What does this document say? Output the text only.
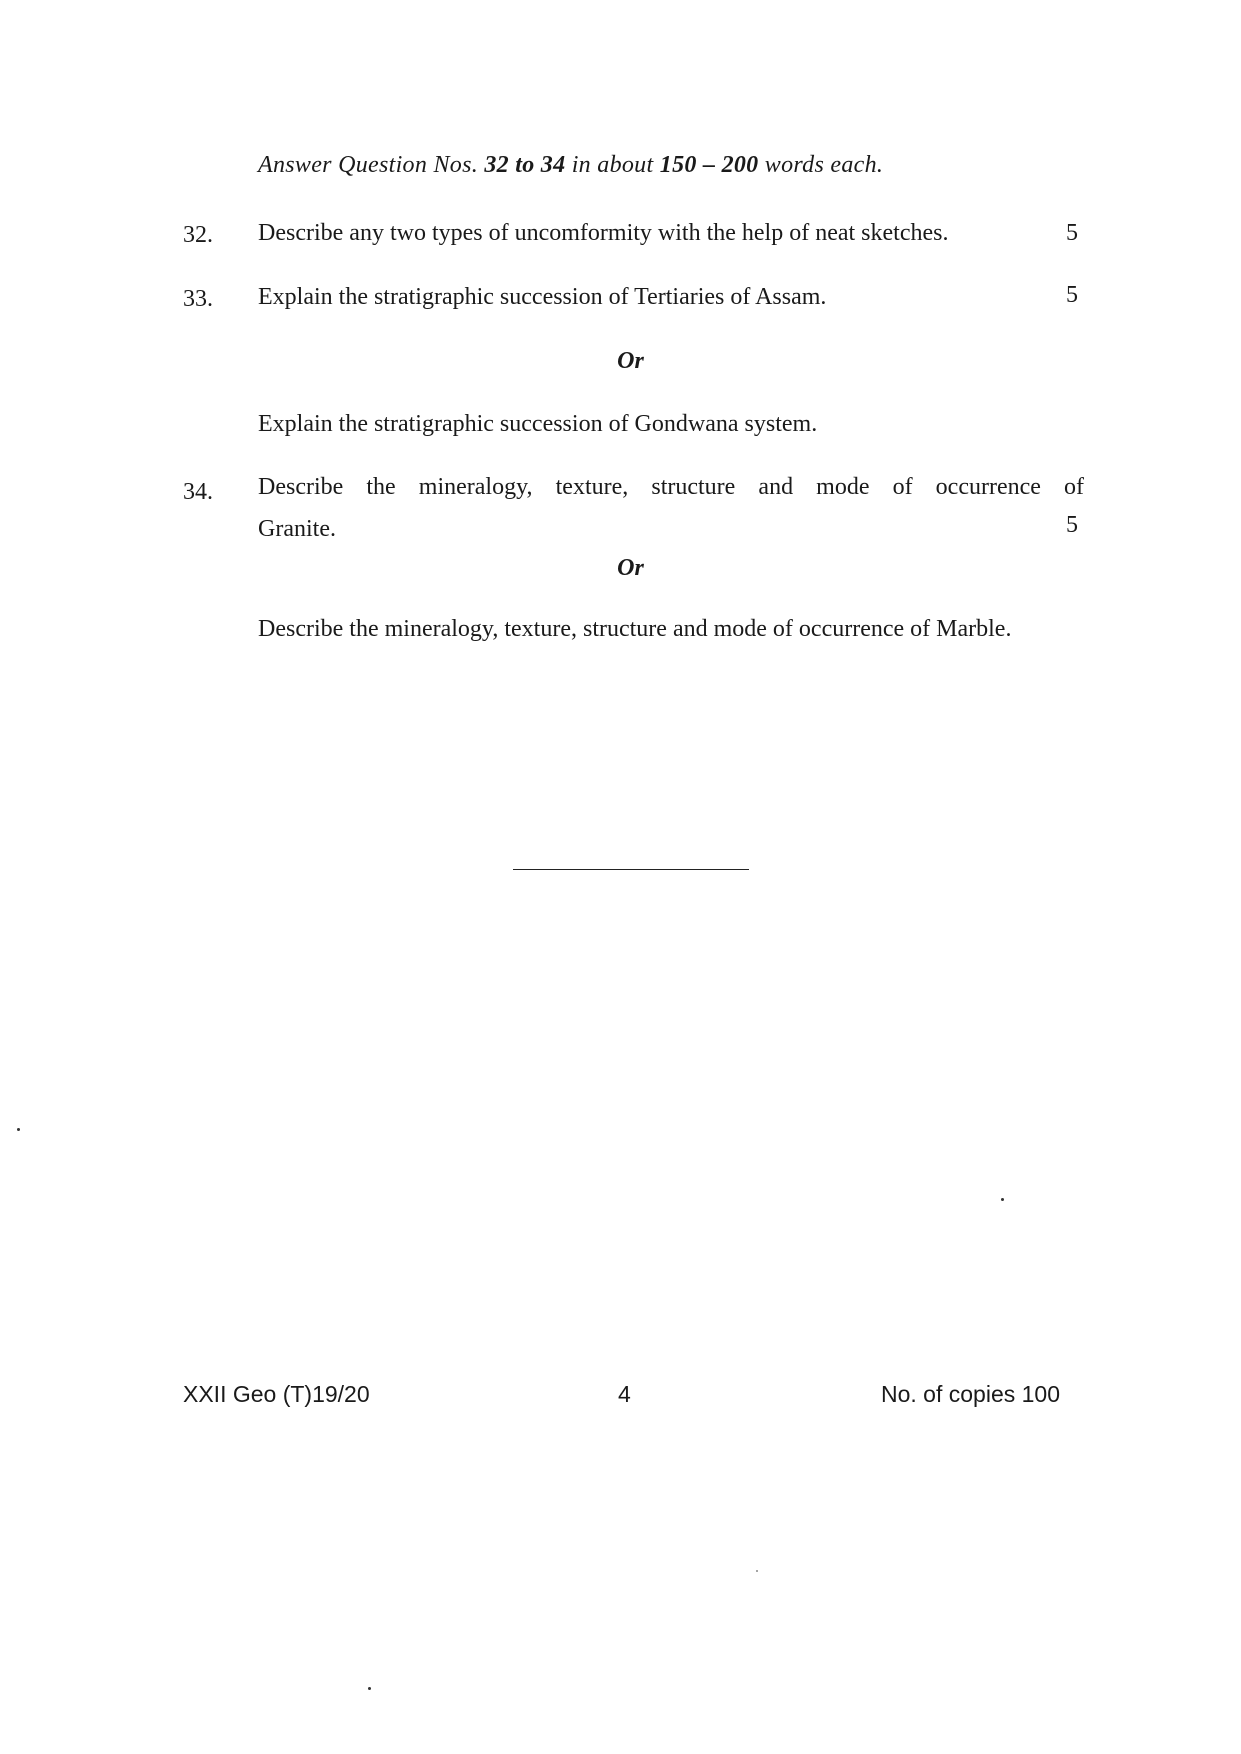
Answer Question Nos. 32 to 34 in about 150 – 200 words each.

32. Describe any two types of uncomformity with the help of neat sketches.	5
33. Explain the stratigraphic succession of Tertiaries of Assam.	5

Or

Explain the stratigraphic succession of Gondwana system.
34. Describe the mineralogy, texture, structure and mode of occurrence of
Granite.	5

Or

Describe the mineralogy, texture, structure and mode of occurrence of Marble.
XXII Geo (T)19/20	4	No. of copies 100
